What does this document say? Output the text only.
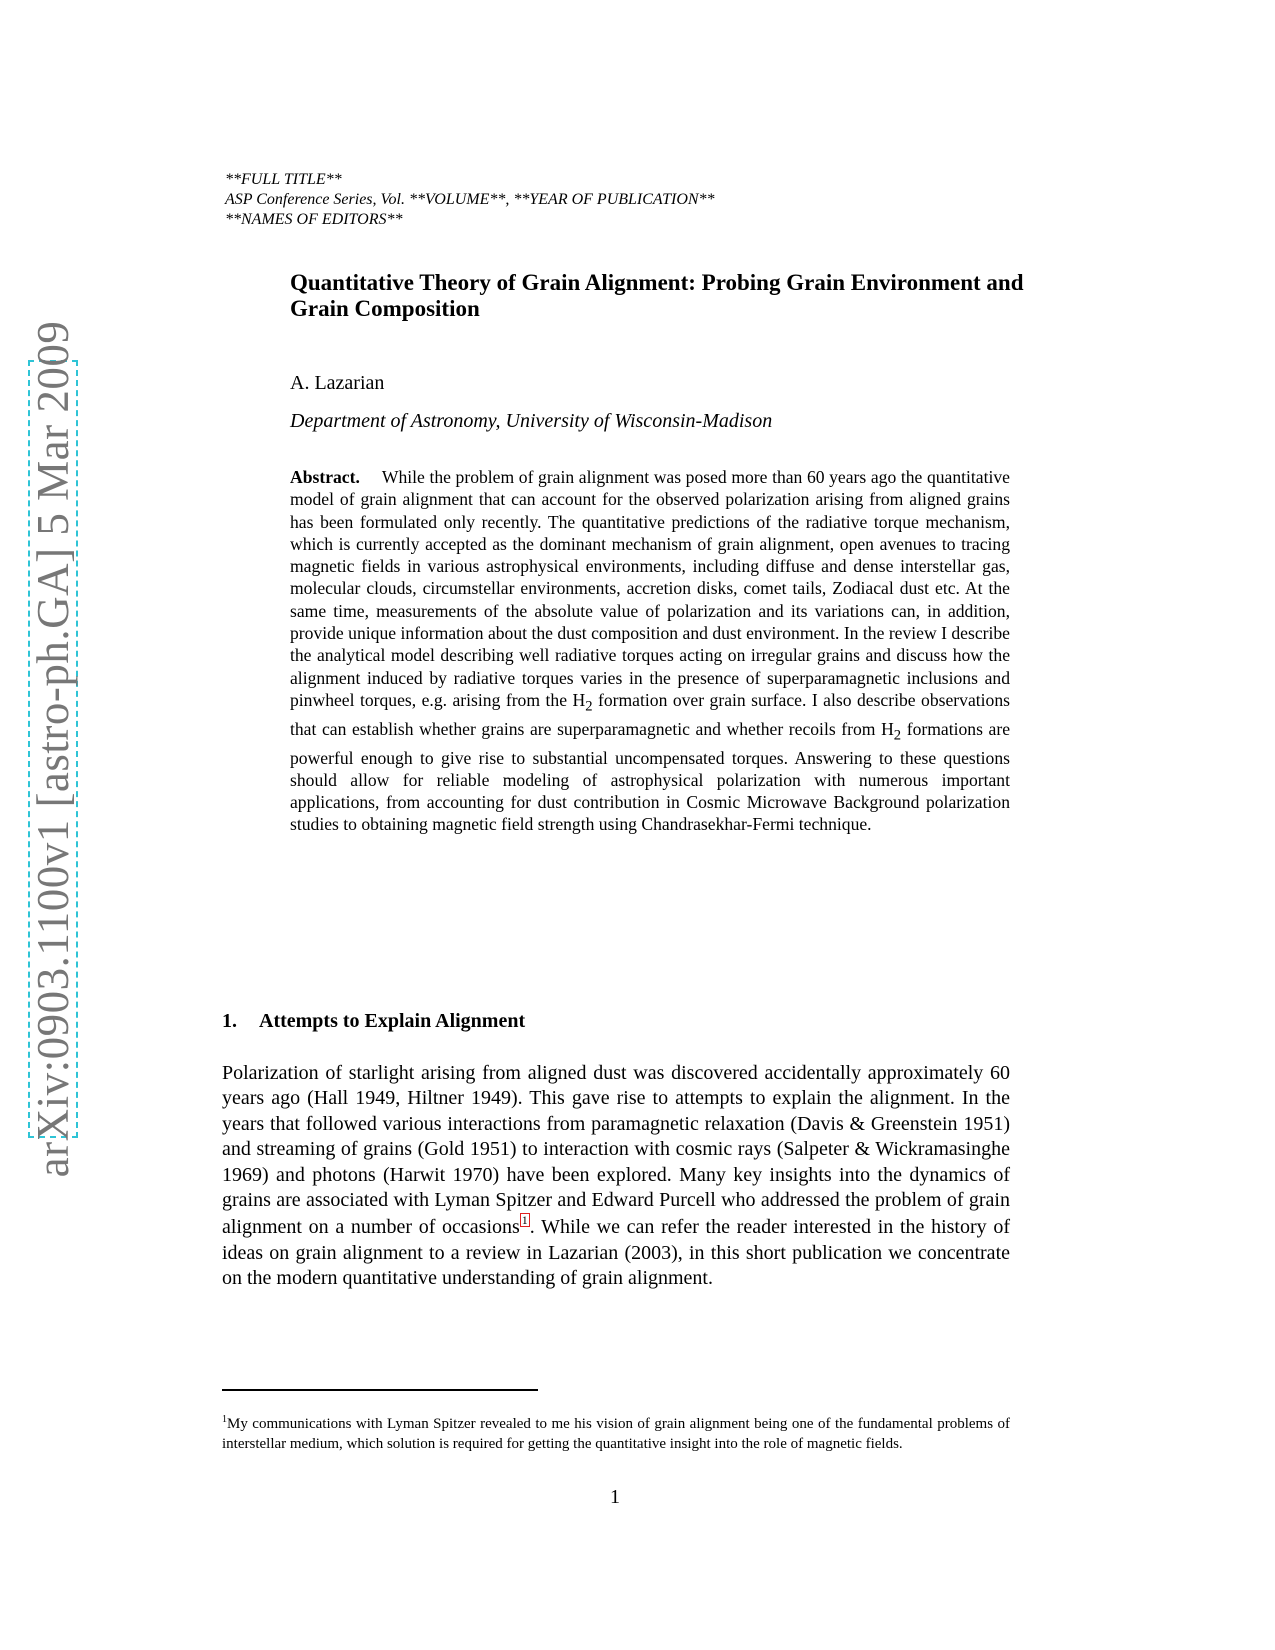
**FULL TITLE**
ASP Conference Series, Vol. **VOLUME**, **YEAR OF PUBLICATION**
**NAMES OF EDITORS**
arXiv:0903.1100v1 [astro-ph.GA] 5 Mar 2009
Quantitative Theory of Grain Alignment: Probing Grain Environment and Grain Composition
A. Lazarian
Department of Astronomy, University of Wisconsin-Madison
Abstract. While the problem of grain alignment was posed more than 60 years ago the quantitative model of grain alignment that can account for the observed polarization arising from aligned grains has been formulated only recently. The quantitative predictions of the radiative torque mechanism, which is currently accepted as the dominant mechanism of grain alignment, open avenues to tracing magnetic fields in various astrophysical environments, including diffuse and dense interstellar gas, molecular clouds, circumstellar environments, accretion disks, comet tails, Zodiacal dust etc. At the same time, measurements of the absolute value of polarization and its variations can, in addition, provide unique information about the dust composition and dust environment. In the review I describe the analytical model describing well radiative torques acting on irregular grains and discuss how the alignment induced by radiative torques varies in the presence of superparamagnetic inclusions and pinwheel torques, e.g. arising from the $H_2$ formation over grain surface. I also describe observations that can establish whether grains are superparamagnetic and whether recoils from $H_2$ formations are powerful enough to give rise to substantial uncompensated torques. Answering to these questions should allow for reliable modeling of astrophysical polarization with numerous important applications, from accounting for dust contribution in Cosmic Microwave Background polarization studies to obtaining magnetic field strength using Chandrasekhar-Fermi technique.
1. Attempts to Explain Alignment
Polarization of starlight arising from aligned dust was discovered accidentally approximately 60 years ago (Hall 1949, Hiltner 1949). This gave rise to attempts to explain the alignment. In the years that followed various interactions from paramagnetic relaxation (Davis & Greenstein 1951) and streaming of grains (Gold 1951) to interaction with cosmic rays (Salpeter & Wickramasinghe 1969) and photons (Harwit 1970) have been explored. Many key insights into the dynamics of grains are associated with Lyman Spitzer and Edward Purcell who addressed the problem of grain alignment on a number of occasions 1 . While we can refer the reader interested in the history of ideas on grain alignment to a review in Lazarian (2003), in this short publication we concentrate on the modern quantitative understanding of grain alignment.
$^1$My communications with Lyman Spitzer revealed to me his vision of grain alignment being one of the fundamental problems of interstellar medium, which solution is required for getting the quantitative insight into the role of magnetic fields.
1
